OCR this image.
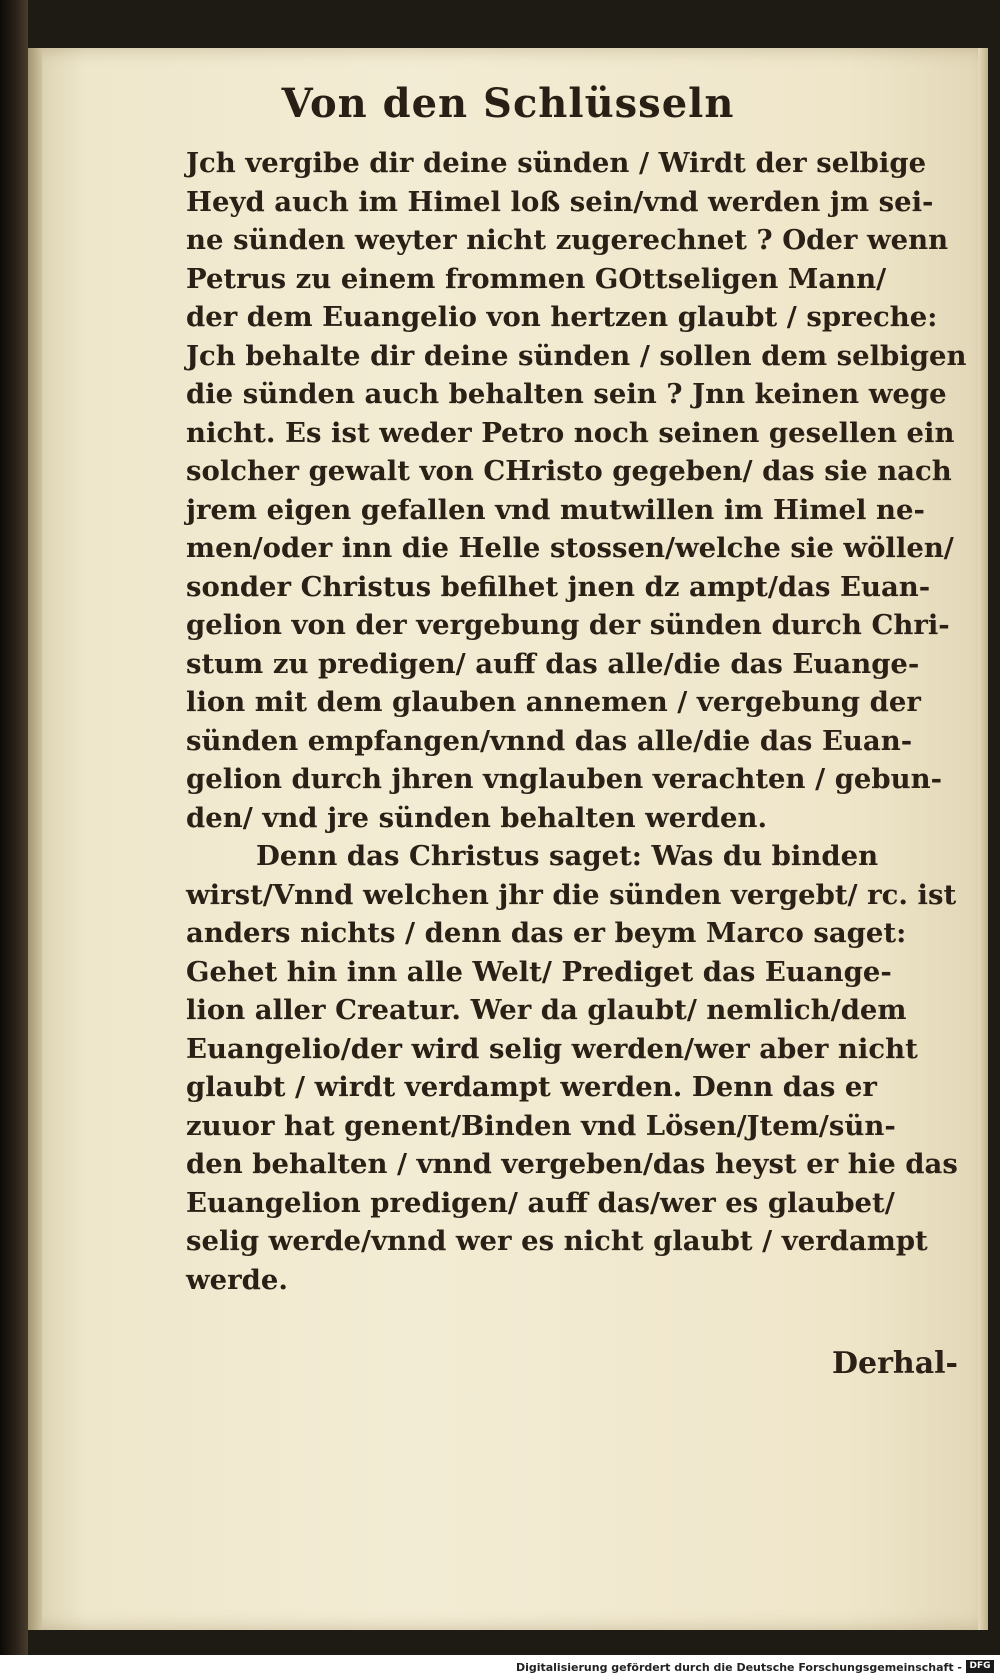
Von den Schlüsseln
Jch vergibe dir deine sünden / Wirdt der selbige
Heyd auch im Himel loß sein/vnd werden jm sei-
ne sünden weyter nicht zugerechnet ? Oder wenn
Petrus zu einem frommen GOttseligen Mann/
der dem Euangelio von hertzen glaubt / spreche:
Jch behalte dir deine sünden / sollen dem selbigen
die sünden auch behalten sein ? Jnn keinen wege
nicht. Es ist weder Petro noch seinen gesellen ein
solcher gewalt von CHristo gegeben/ das sie nach
jrem eigen gefallen vnd mutwillen im Himel ne-
men/oder inn die Helle stossen/welche sie wöllen/
sonder Christus befilhet jnen dz ampt/das Euan-
gelion von der vergebung der sünden durch Chri-
stum zu predigen/ auff das alle/die das Euange-
lion mit dem glauben annemen / vergebung der
sünden empfangen/vnnd das alle/die das Euan-
gelion durch jhren vnglauben verachten / gebun-
den/ vnd jre sünden behalten werden.
Denn das Christus saget: Was du binden
wirst/Vnnd welchen jhr die sünden vergebt/ rc. ist
anders nichts / denn das er beym Marco saget:
Gehet hin inn alle Welt/ Prediget das Euange-
lion aller Creatur. Wer da glaubt/ nemlich/dem
Euangelio/der wird selig werden/wer aber nicht
glaubt / wirdt verdampt werden. Denn das er
zuuor hat genent/Binden vnd Lösen/Jtem/sün-
den behalten / vnnd vergeben/das heyst er hie das
Euangelion predigen/ auff das/wer es glaubet/
selig werde/vnnd wer es nicht glaubt / verdampt
werde.
Derhal-
Digitalisierung gefördert durch die Deutsche Forschungsgemeinschaft - DFG
